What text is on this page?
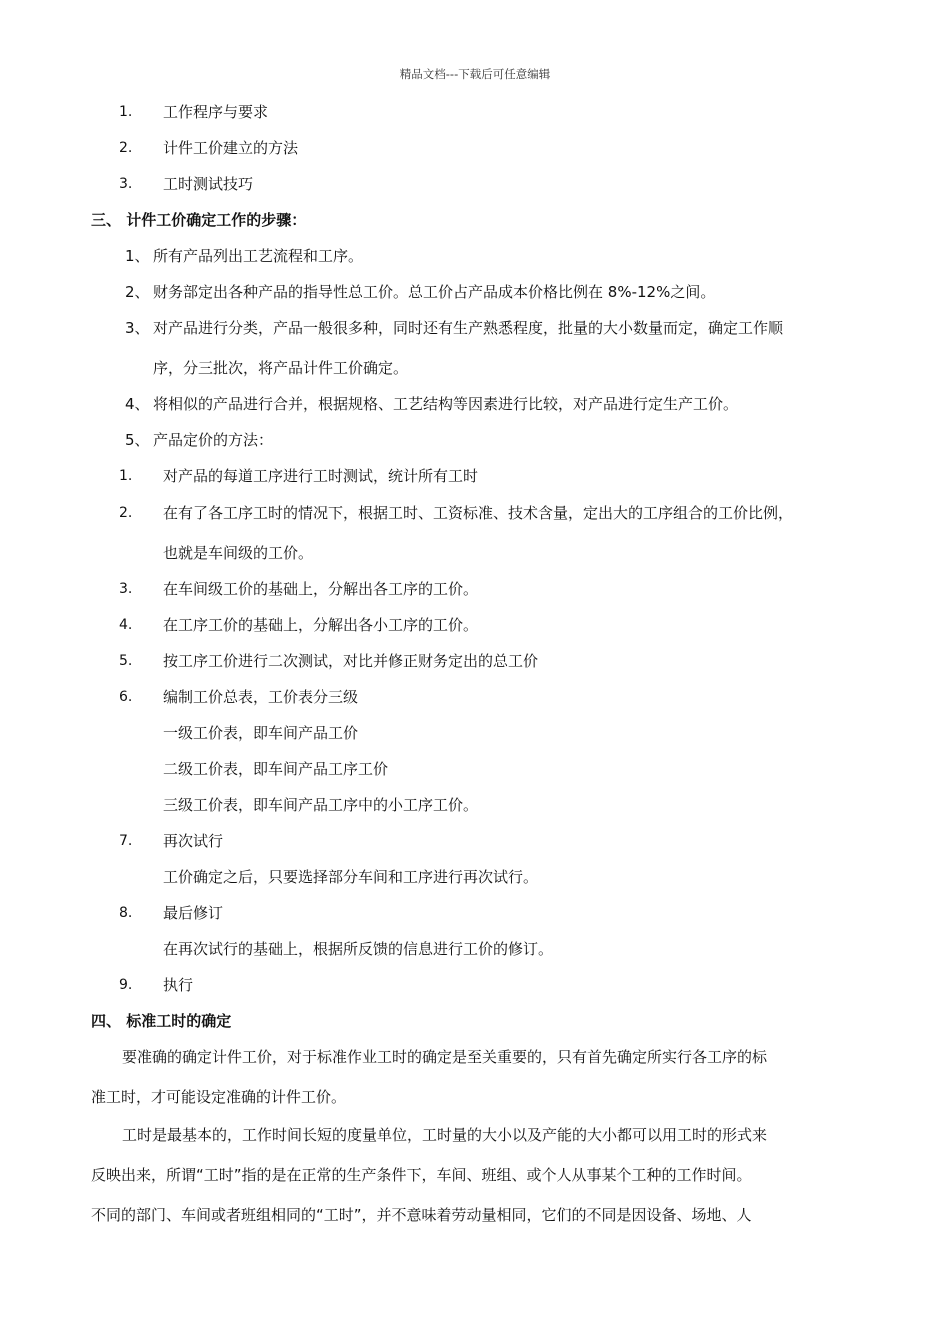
精品文档---下载后可任意编辑
1. 工作程序与要求
2. 计件工价建立的方法
3. 工时测试技巧
三、 计件工价确定工作的步骤：
1、 所有产品列出工艺流程和工序。
2、 财务部定出各种产品的指导性总工价。总工价占产品成本价格比例在 8%-12%之间。
3、 对产品进行分类，产品一般很多种，同时还有生产熟悉程度，批量的大小数量而定，确定工作顺
序，分三批次，将产品计件工价确定。
4、 将相似的产品进行合并，根据规格、工艺结构等因素进行比较，对产品进行定生产工价。
5、 产品定价的方法：
1. 对产品的每道工序进行工时测试，统计所有工时
2. 在有了各工序工时的情况下，根据工时、工资标准、技术含量，定出大的工序组合的工价比例，
也就是车间级的工价。
3. 在车间级工价的基础上，分解出各工序的工价。
4. 在工序工价的基础上，分解出各小工序的工价。
5. 按工序工价进行二次测试，对比并修正财务定出的总工价
6. 编制工价总表，工价表分三级
一级工价表，即车间产品工价
二级工价表，即车间产品工序工价
三级工价表，即车间产品工序中的小工序工价。
7. 再次试行
工价确定之后，只要选择部分车间和工序进行再次试行。
8. 最后修订
在再次试行的基础上，根据所反馈的信息进行工价的修订。
9. 执行
四、 标准工时的确定
要准确的确定计件工价，对于标准作业工时的确定是至关重要的，只有首先确定所实行各工序的标
准工时，才可能设定准确的计件工价。
工时是最基本的，工作时间长短的度量单位，工时量的大小以及产能的大小都可以用工时的形式来
反映出来，所谓“工时”指的是在正常的生产条件下，车间、班组、或个人从事某个工种的工作时间。
不同的部门、车间或者班组相同的“工时”，并不意味着劳动量相同，它们的不同是因设备、场地、人
